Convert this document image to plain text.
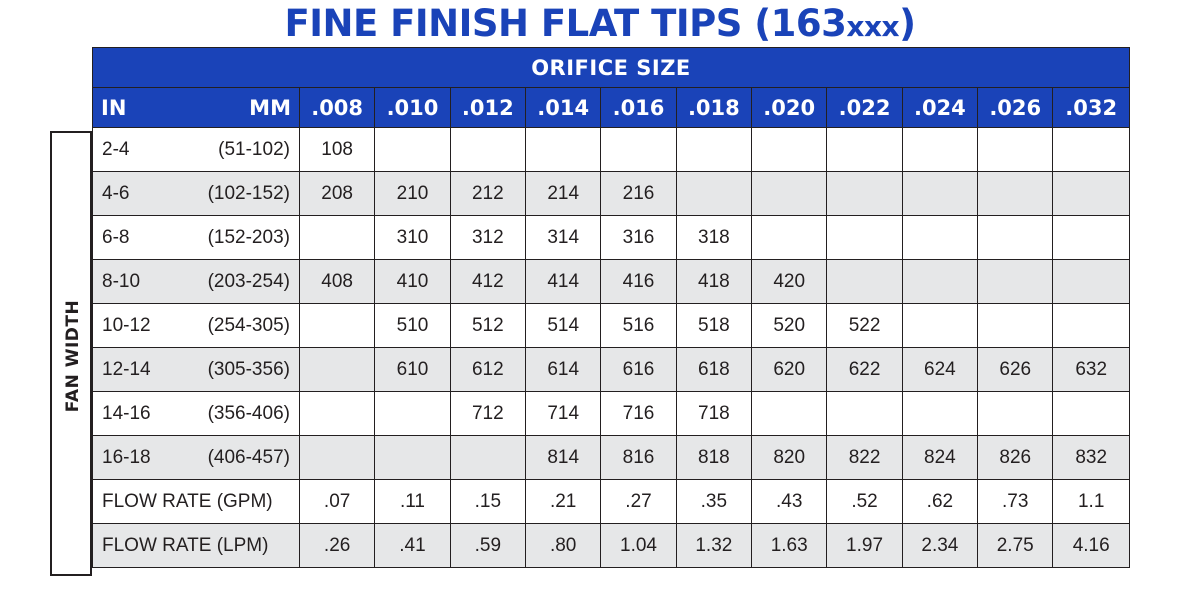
FINE FINISH FLAT TIPS (163xxx)
FAN WIDTH
ORIFICE SIZE											

IN MM	.008	.010	.012	.014	.016	.018	.020	.022	.024	.026	.032

2-4 (51-102)	108										

4-6 (102-152)	208	210	212	214	216						

6-8 (152-203)		310	312	314	316	318					

8-10 (203-254)	408	410	412	414	416	418	420				

10-12 (254-305)		510	512	514	516	518	520	522			

12-14 (305-356)		610	612	614	616	618	620	622	624	626	632

14-16 (356-406)			712	714	716	718					

16-18 (406-457)				814	816	818	820	822	824	826	832
FLOW RATE (GPM)	.07	.11	.15	.21	.27	.35	.43	.52	.62	.73	1.1
FLOW RATE (LPM)	.26	.41	.59	.80	1.04	1.32	1.63	1.97	2.34	2.75	4.16
